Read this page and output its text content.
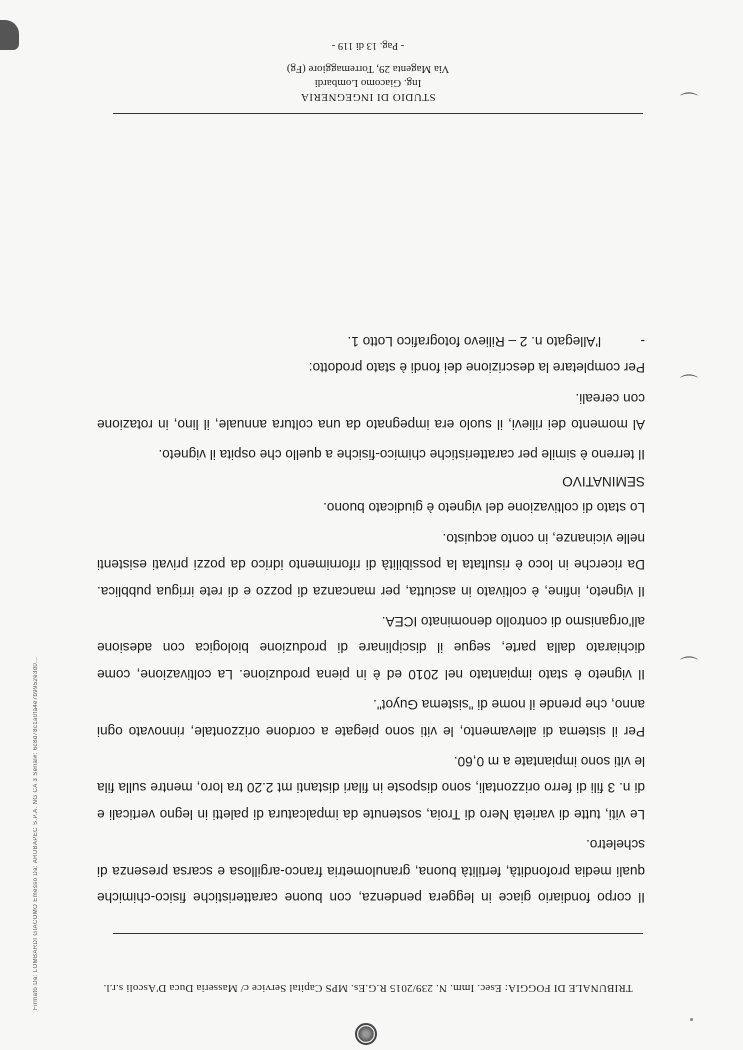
TRIBUNALE DI FOGGIA: Esec. Imm. N. 239/2015 R.G.Es. MPS Capital Service c/ Masseria Duca D'Ascoli s.r.l.

Il corpo fondiario giace in leggera pendenza, con buone caratteristiche fisico-chimiche quali media profondità, fertilità buona, granulometria franco-argillosa e scarsa presenza di scheletro.

Le viti, tutte di varietà Nero di Troia, sostenute da impalcatura di paletti in legno verticali e di n. 3 fili di ferro orizzontali, sono disposte in filari distanti mt 2.20 tra loro, mentre sulla fila le viti sono impiantate a m 0,60.

Per il sistema di allevamento, le viti sono piegate a cordone orizzontale, rinnovato ogni anno, che prende il nome di "sistema Guyot".

Il vigneto è stato impiantato nel 2010 ed è in piena produzione. La coltivazione, come dichiarato dalla parte, segue il disciplinare di produzione biologica con adesione all'organismo di controllo denominato ICEA.

Il vigneto, infine, è coltivato in asciutta, per mancanza di pozzo e di rete irrigua pubblica. Da ricerche in loco è risultata la possibilità di rifornimento idrico da pozzi privati esistenti nelle vicinanze, in conto acquisto.

Lo stato di coltivazione del vigneto è giudicato buono.

SEMINATIVO

Il terreno è simile per caratteristiche chimico-fisiche a quello che ospita il vigneto.

Al momento dei rilievi, il suolo era impegnato da una coltura annuale, il lino, in rotazione con cereali.

Per completare la descrizione dei fondi è stato prodotto:

-l'Allegato n. 2 – Rilievo fotografico Lotto 1.

STUDIO DI INGEGNERIA
Ing. Giacomo Lombardi
Via Magenta 29, Torremaggiore (Fg)
- Pag. 13 di 119 -
Firmato Da: LOMBARDI GIACOMO Emesso Da: ARUBAPEC S.P.A. NG CA 3 Serial#: 6c8d78c1a0fa4e7b9952e3d0...
⌒
⌒
⌒
